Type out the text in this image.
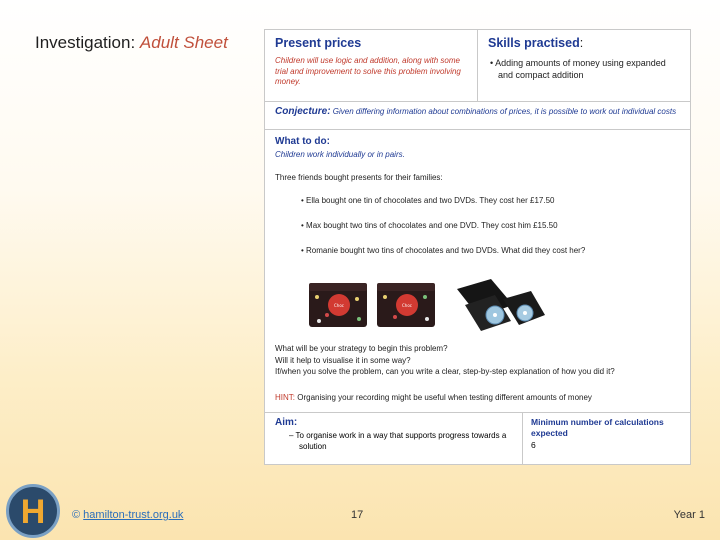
Investigation: Adult Sheet	Present prices
Children will use logic and addition, along with some trial and improvement to solve this problem involving money.
Skills practised:
• Adding amounts of money using expanded and compact addition
Conjecture: Given differing information about combinations of prices, it is possible to work out individual costs
What to do:
Children work individually or in pairs.
Three friends bought presents for their families:
• Ella bought one tin of chocolates and two DVDs. They cost her £17.50
• Max bought two tins of chocolates and one DVD. They cost him £15.50
• Romanie bought two tins of chocolates and two DVDs. What did they cost her?
Choc	Choc
What will be your strategy to begin this problem?
Will it help to visualise it in some way?
If/when you solve the problem, can you write a clear, step-by-step explanation of how you did it?
HINT: Organising your recording might be useful when testing different amounts of money
Aim:
– To organise work in a way that supports progress towards a solution
Minimum number of calculations expected
6
H © hamilton-trust.org.uk	17	Year 1
